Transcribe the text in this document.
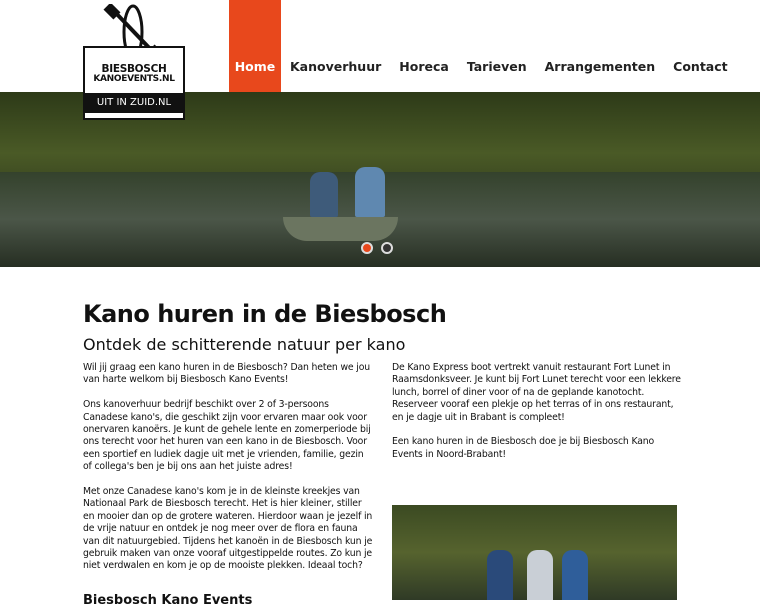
BIESBOSCH
KANOEVENTS.NL
UIT IN ZUID.NL
Home	Kanoverhuur	Horeca	Tarieven	Arrangementen	Contact
Kano huren in de Biesbosch
Ontdek de schitterende natuur per kano

Wil jij graag een kano huren in de Biesbosch? Dan heten we jou van harte welkom bij Biesbosch Kano Events!

Ons kanoverhuur bedrijf beschikt over 2 of 3-persoons Canadese kano's, die geschikt zijn voor ervaren maar ook voor onervaren kanoërs. Je kunt de gehele lente en zomerperiode bij ons terecht voor het huren van een kano in de Biesbosch. Voor een sportief en ludiek dagje uit met je vrienden, familie, gezin of collega's ben je bij ons aan het juiste adres!

Met onze Canadese kano's kom je in de kleinste kreekjes van Nationaal Park de Biesbosch terecht. Het is hier kleiner, stiller en mooier dan op de grotere wateren. Hierdoor waan je jezelf in de vrije natuur en ontdek je nog meer over de flora en fauna van dit natuurgebied. Tijdens het kanoën in de Biesbosch kun je gebruik maken van onze vooraf uitgestippelde routes. Zo kun je niet verdwalen en kom je op de mooiste plekken. Ideaal toch?

Biesbosch Kano Events

De Kano Express boot vertrekt vanuit restaurant Fort Lunet in Raamsdonksveer. Je kunt bij Fort Lunet terecht voor een lekkere lunch, borrel of diner voor of na de geplande kanotocht. Reserveer vooraf een plekje op het terras of in ons restaurant, en je dagje uit in Brabant is compleet!

Een kano huren in de Biesbosch doe je bij Biesbosch Kano Events in Noord-Brabant!
